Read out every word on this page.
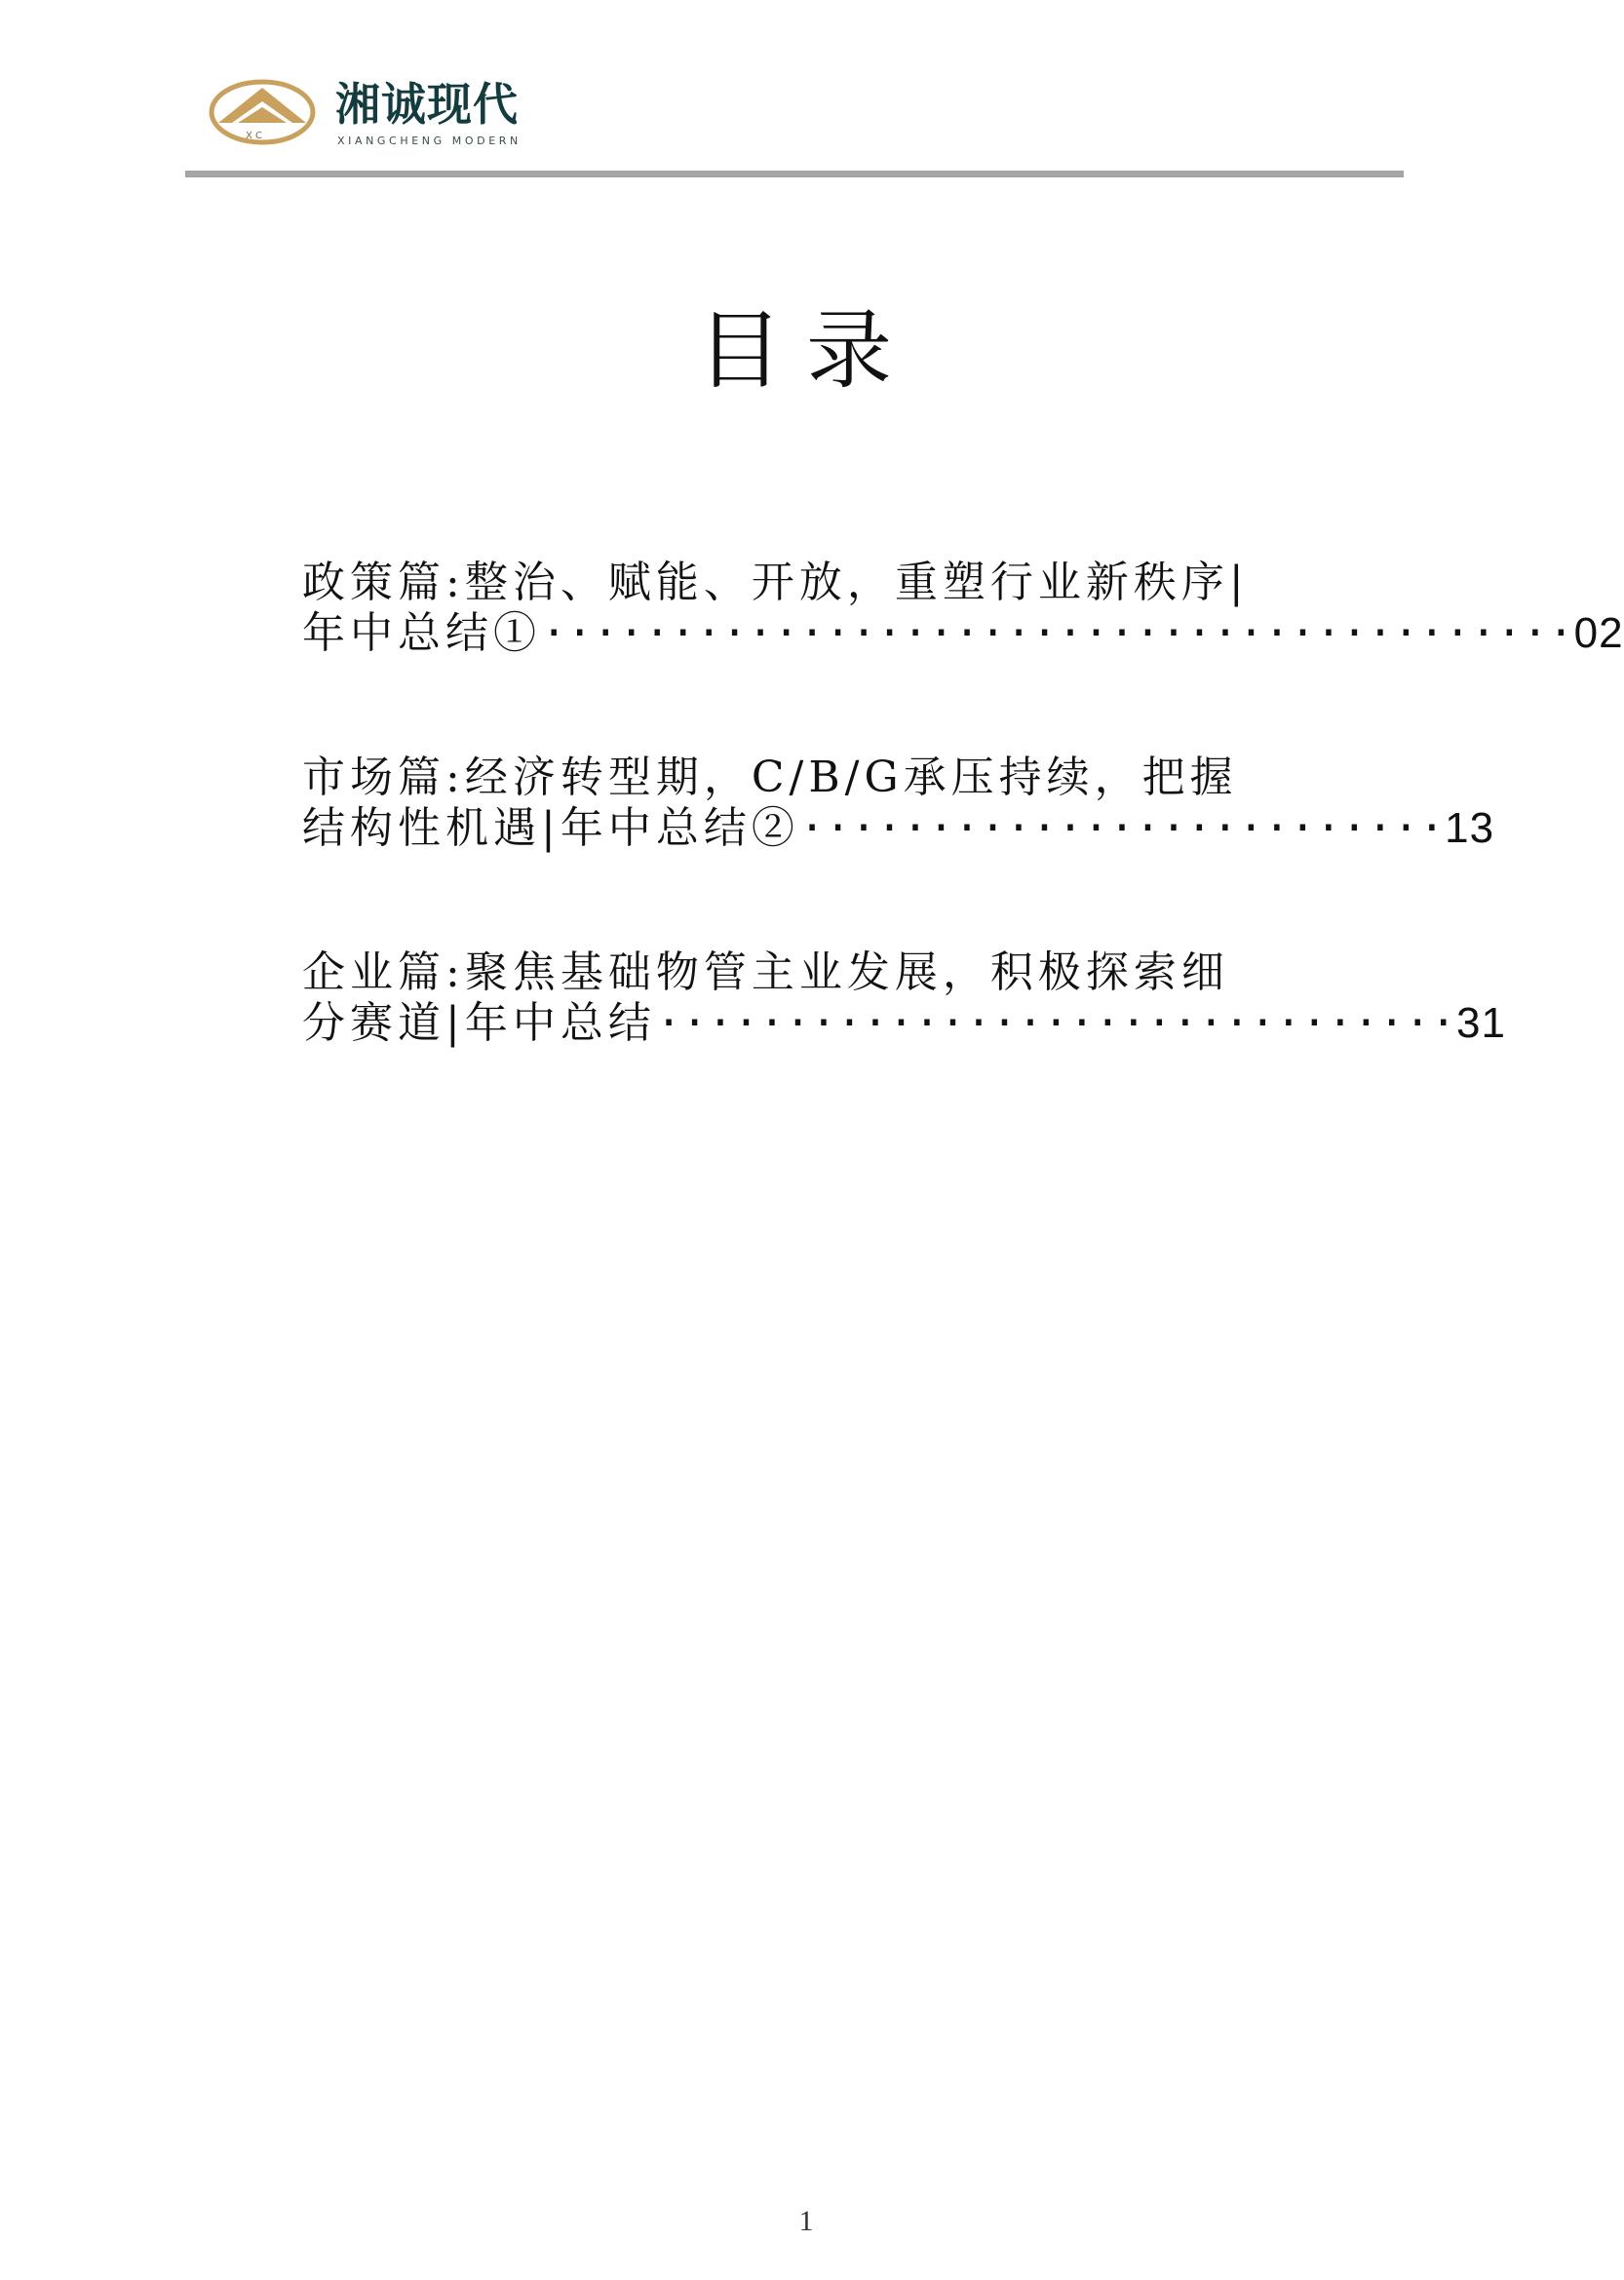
X C
湘诚现代
XIANGCHENG MODERN
目录
政策篇:整治、赋能、开放，重塑行业新秩序|
年中总结①········································02
市场篇:经济转型期，C/B/G承压持续，把握
结构性机遇|年中总结②·························13
企业篇:聚焦基础物管主业发展，积极探索细
分赛道|年中总结·······························31
1
